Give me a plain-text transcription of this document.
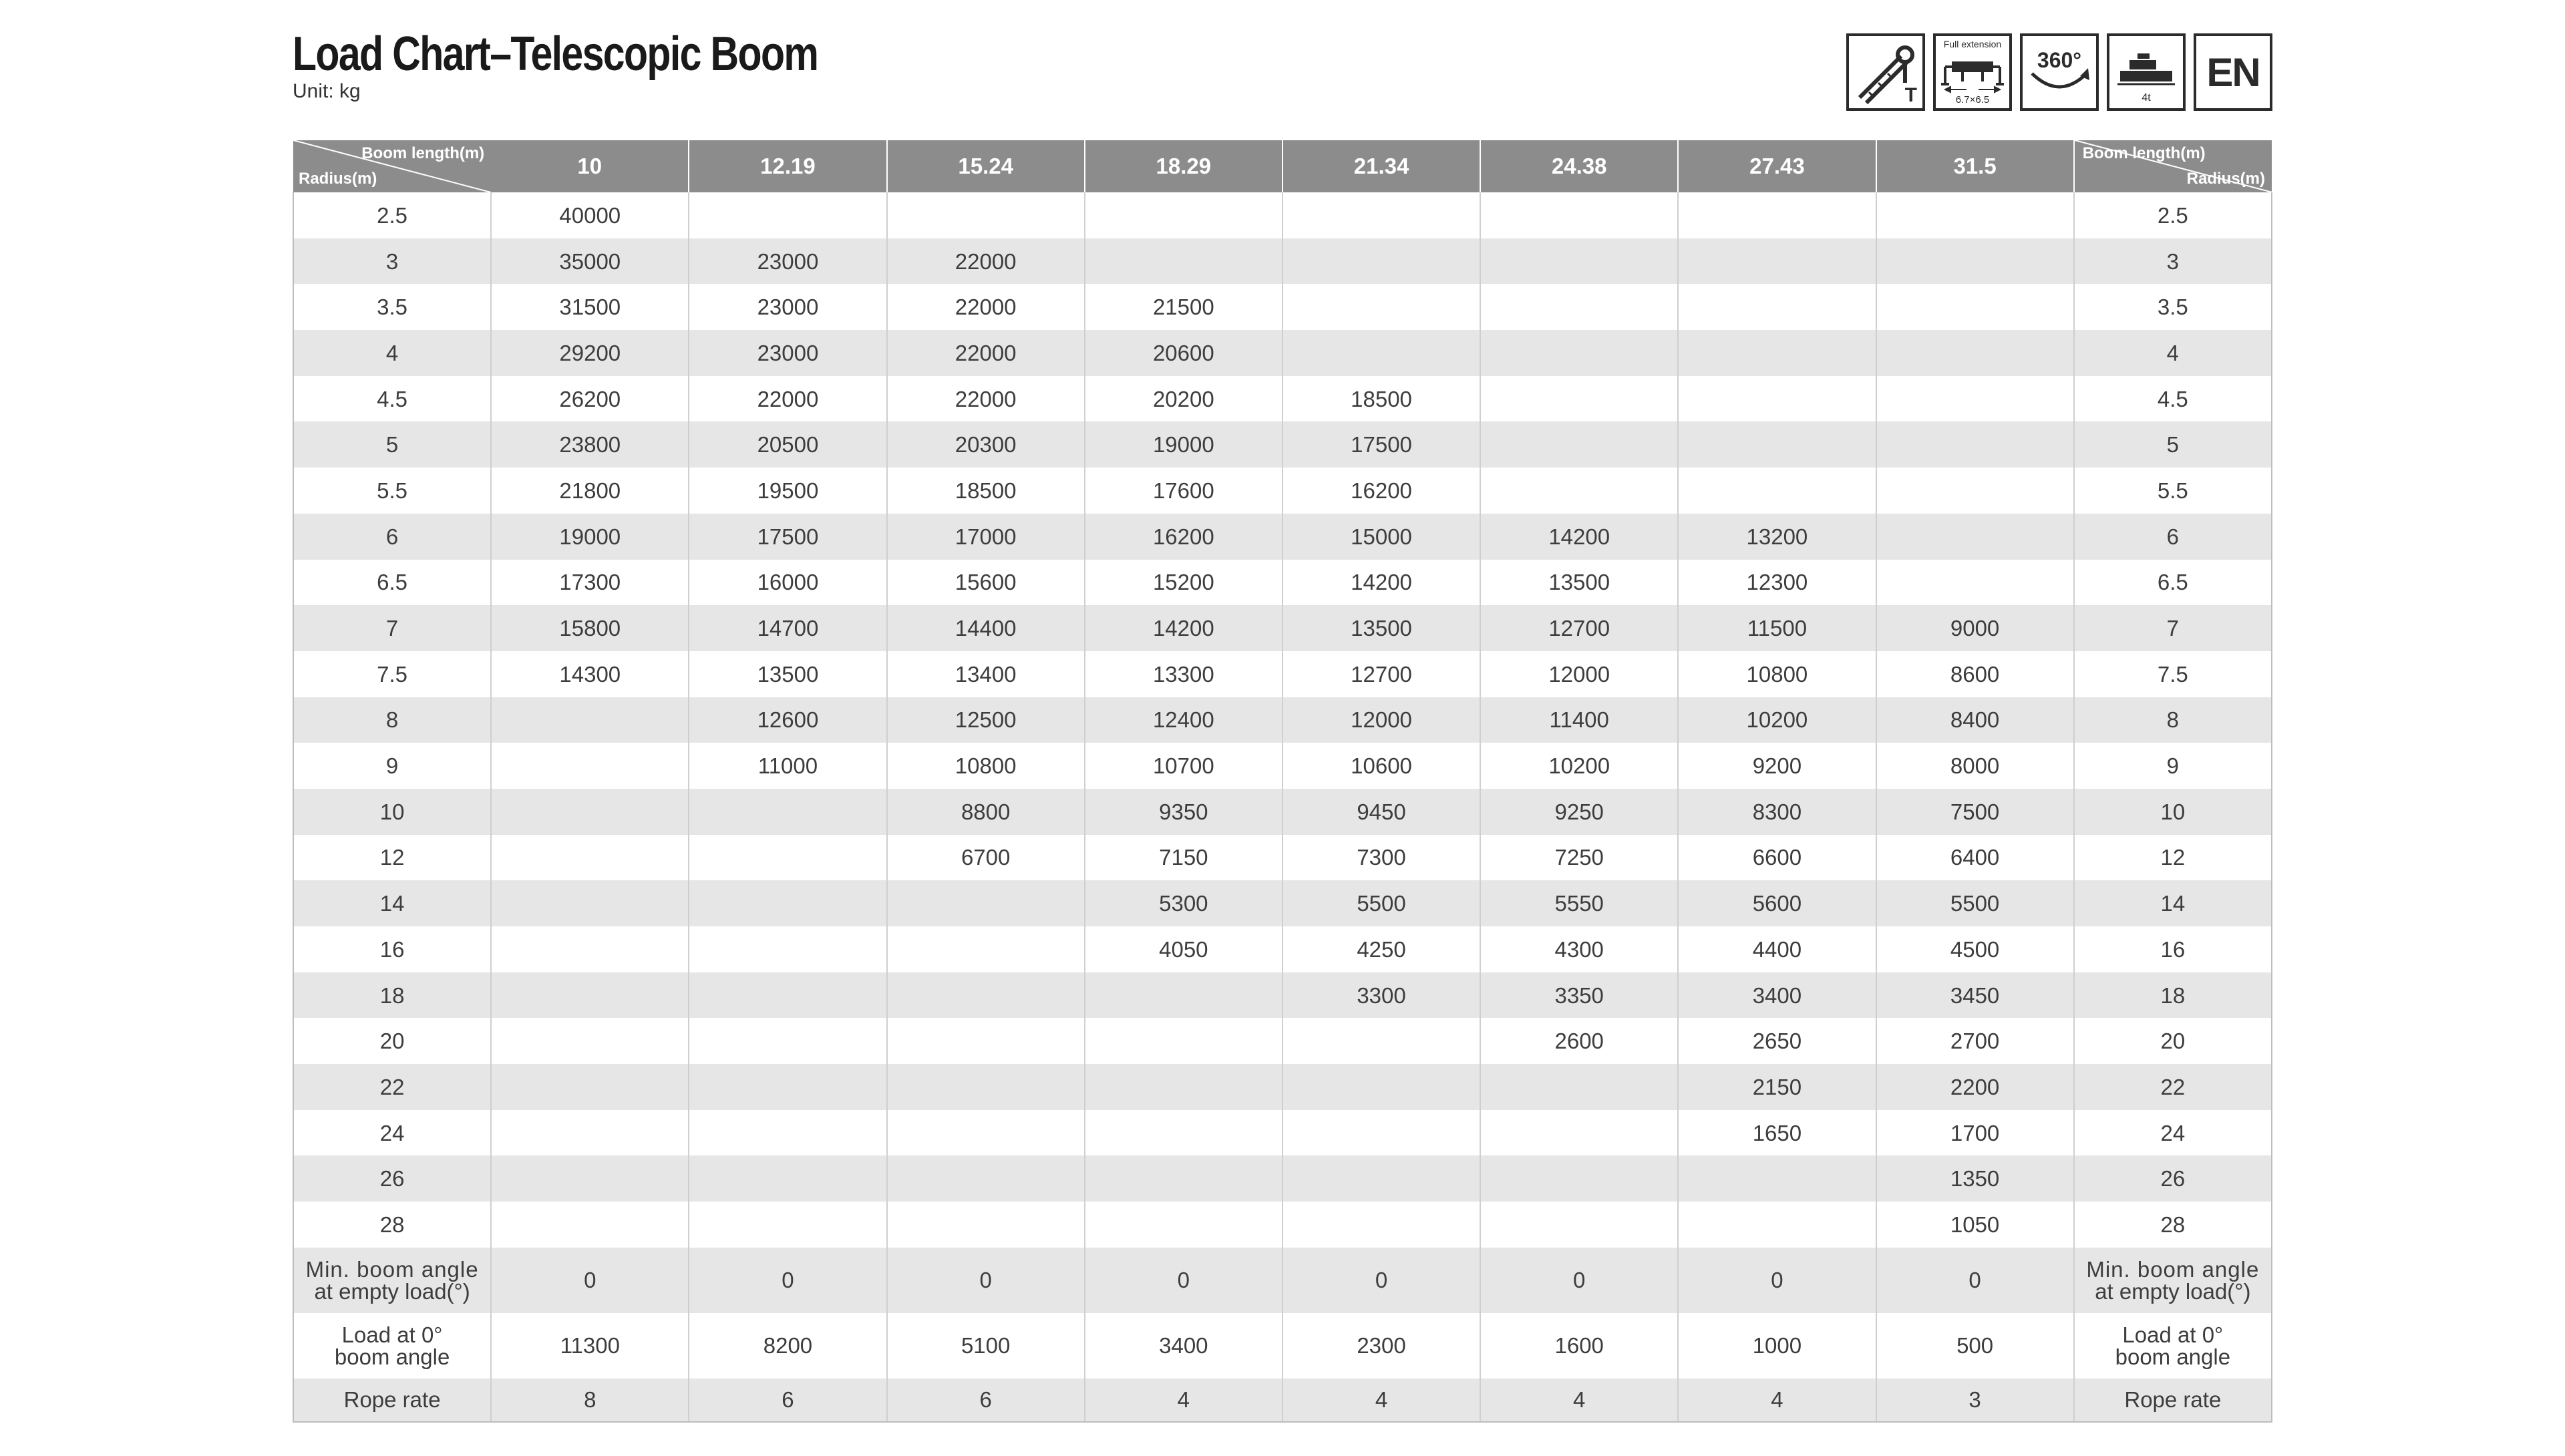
Load Chart–Telescopic Boom
Unit: kg	T
Full extension
6.7×6.5
360°
4t
EN
Boom length(m)
Radius(m)	10	12.19	15.24	18.29	21.34	24.38	27.43	31.5	Boom length(m)
Radius(m)

2.5	40000								2.5
3	35000	23000	22000						3
3.5	31500	23000	22000	21500					3.5
4	29200	23000	22000	20600					4
4.5	26200	22000	22000	20200	18500				4.5
5	23800	20500	20300	19000	17500				5
5.5	21800	19500	18500	17600	16200				5.5
6	19000	17500	17000	16200	15000	14200	13200		6
6.5	17300	16000	15600	15200	14200	13500	12300		6.5
7	15800	14700	14400	14200	13500	12700	11500	9000	7
7.5	14300	13500	13400	13300	12700	12000	10800	8600	7.5
8		12600	12500	12400	12000	11400	10200	8400	8
9		11000	10800	10700	10600	10200	9200	8000	9
10			8800	9350	9450	9250	8300	7500	10
12			6700	7150	7300	7250	6600	6400	12
14				5300	5500	5550	5600	5500	14
16				4050	4250	4300	4400	4500	16
18					3300	3350	3400	3450	18
20						2600	2650	2700	20
22							2150	2200	22
24							1650	1700	24
26								1350	26
28								1050	28

Min. boom angle
at empty load(°)	0	0	0	0	0	0	0	0	Min. boom angle
at empty load(°)

Load at 0°
boom angle	11300	8200	5100	3400	2300	1600	1000	500	Load at 0°
boom angle

Rope rate	8	6	6	4	4	4	4	3	Rope rate
